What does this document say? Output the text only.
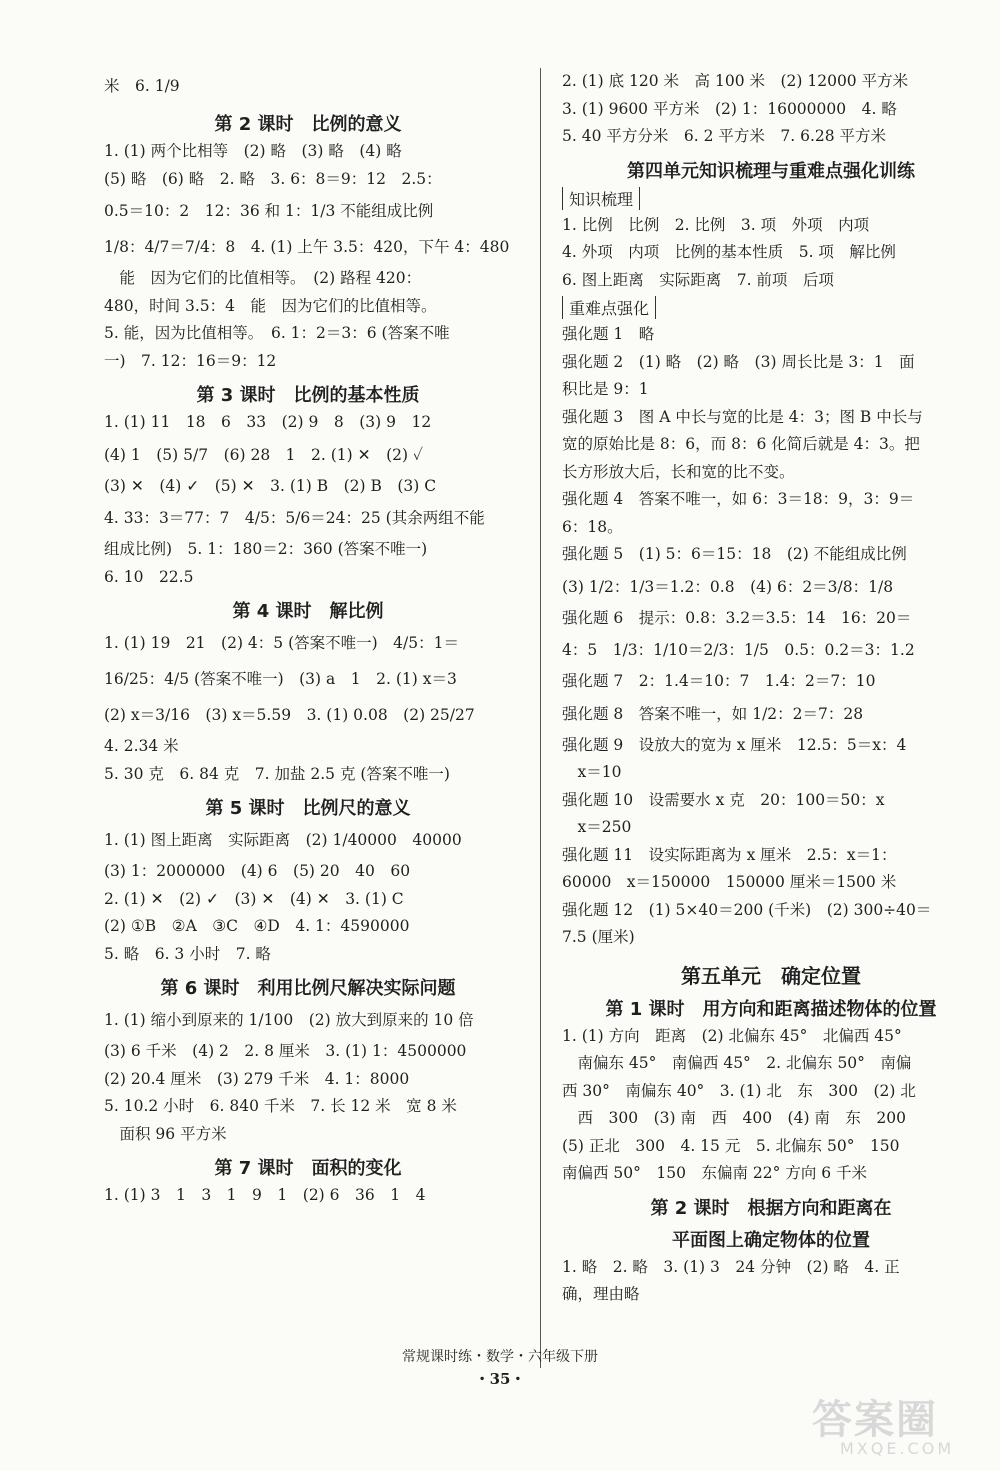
米　6. 1/9
第 2 课时　比例的意义
1. (1) 两个比相等　(2) 略　(3) 略　(4) 略
(5) 略　(6) 略　2. 略　3. 6：8＝9：12　2.5：
0.5＝10：2　12：36 和 1：1/3 不能组成比例
1/8：4/7＝7/4：8　4. (1) 上午 3.5：420，下午 4：480
　能　因为它们的比值相等。　(2) 路程 420：
480，时间 3.5：4　能　因为它们的比值相等。
5. 能，因为比值相等。　6. 1：2＝3：6 (答案不唯
一)　7. 12：16＝9：12
第 3 课时　比例的基本性质
1. (1) 11　18　6　33　(2) 9　8　(3) 9　12
(4) 1　(5) 5/7　(6) 28　1　2. (1) ✕　(2) ✓
(3) ✕　(4) ✓　(5) ✕　3. (1) B　(2) B　(3) C
4. 33：3＝77：7　4/5：5/6＝24：25 (其余两组不能
组成比例)　5. 1：180＝2：360 (答案不唯一)
6. 10　22.5
第 4 课时　解比例
1. (1) 19　21　(2) 4：5 (答案不唯一)　4/5：1＝
16/25：4/5 (答案不唯一)　(3) a　1　2. (1) x＝3
(2) x＝3/16　(3) x＝5.59　3. (1) 0.08　(2) 25/27
4. 2.34 米
5. 30 克　6. 84 克　7. 加盐 2.5 克 (答案不唯一)
第 5 课时　比例尺的意义
1. (1) 图上距离　实际距离　(2) 1/40000　40000
(3) 1：2000000　(4) 6　(5) 20　40　60
2. (1) ✕　(2) ✓　(3) ✕　(4) ✕　3. (1) C
(2) ①B　②A　③C　④D　4. 1：4590000
5. 略　6. 3 小时　7. 略
第 6 课时　利用比例尺解决实际问题
1. (1) 缩小到原来的 1/100　(2) 放大到原来的 10 倍
(3) 6 千米　(4) 2　2. 8 厘米　3. (1) 1：4500000
(2) 20.4 厘米　(3) 279 千米　4. 1：8000
5. 10.2 小时　6. 840 千米　7. 长 12 米　宽 8 米
　面积 96 平方米
第 7 课时　面积的变化
1. (1) 3　1　3　1　9　1　(2) 6　36　1　4
2. (1) 底 120 米　高 100 米　(2) 12000 平方米
3. (1) 9600 平方米　(2) 1：16000000　4. 略
5. 40 平方分米　6. 2 平方米　7. 6.28 平方米
第四单元知识梳理与重难点强化训练
知识梳理
1. 比例　比例　2. 比例　3. 项　外项　内项
4. 外项　内项　比例的基本性质　5. 项　解比例
6. 图上距离　实际距离　7. 前项　后项
重难点强化
强化题 1　略
强化题 2　(1) 略　(2) 略　(3) 周长比是 3：1　面
积比是 9：1
强化题 3　图 A 中长与宽的比是 4：3；图 B 中长与
宽的原始比是 8：6，而 8：6 化简后就是 4：3。把
长方形放大后，长和宽的比不变。
强化题 4　答案不唯一，如 6：3＝18：9，3：9＝
6：18。
强化题 5　(1) 5：6＝15：18　(2) 不能组成比例
(3) 1/2：1/3＝1.2：0.8　(4) 6：2＝3/8：1/8
强化题 6　提示：0.8：3.2＝3.5：14　16：20＝
4：5　1/3：1/10＝2/3：1/5　0.5：0.2＝3：1.2
强化题 7　2：1.4＝10：7　1.4：2＝7：10
强化题 8　答案不唯一，如 1/2：2＝7：28
强化题 9　设放大的宽为 x 厘米　12.5：5＝x：4
　x＝10
强化题 10　设需要水 x 克　20：100＝50：x
　x＝250
强化题 11　设实际距离为 x 厘米　2.5：x＝1：
60000　x＝150000　150000 厘米＝1500 米
强化题 12　(1) 5×40＝200 (千米)　(2) 300÷40＝
7.5 (厘米)
第五单元　确定位置
第 1 课时　用方向和距离描述物体的位置
1. (1) 方向　距离　(2) 北偏东 45°　北偏西 45°
　南偏东 45°　南偏西 45°　2. 北偏东 50°　南偏
西 30°　南偏东 40°　3. (1) 北　东　300　(2) 北
　西　300　(3) 南　西　400　(4) 南　东　200
(5) 正北　300　4. 15 元　5. 北偏东 50°　150
南偏西 50°　150　东偏南 22° 方向 6 千米
第 2 课时　根据方向和距离在
平面图上确定物体的位置
1. 略　2. 略　3. (1) 3　24 分钟　(2) 略　4. 正
确，理由略
常规课时练・数学・六年级下册
・35・
答案圈
MXQE.COM
